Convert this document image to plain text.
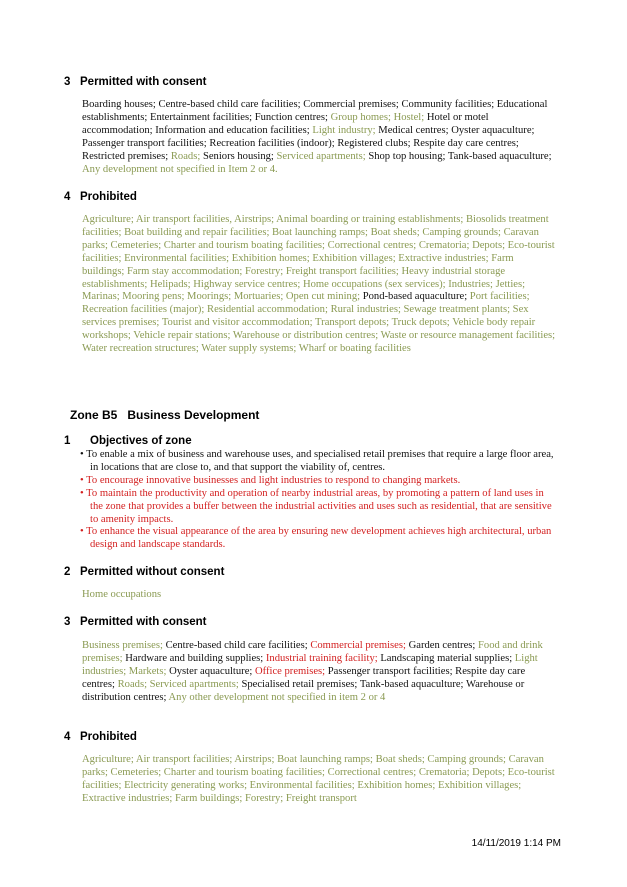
3 Permitted with consent

Boarding houses; Centre-based child care facilities; Commercial premises; Community facilities; Educational establishments; Entertainment facilities; Function centres; Group homes; Hostel; Hotel or motel accommodation; Information and education facilities; Light industry; Medical centres; Oyster aquaculture; Passenger transport facilities; Recreation facilities (indoor); Registered clubs; Respite day care centres; Restricted premises; Roads; Seniors housing; Serviced apartments; Shop top housing; Tank-based aquaculture; Any development not specified in Item 2 or 4.

4 Prohibited

Agriculture; Air transport facilities, Airstrips; Animal boarding or training establishments; Biosolids treatment facilities; Boat building and repair facilities; Boat launching ramps; Boat sheds; Camping grounds; Caravan parks; Cemeteries; Charter and tourism boating facilities; Correctional centres; Crematoria; Depots; Eco-tourist facilities; Environmental facilities; Exhibition homes; Exhibition villages; Extractive industries; Farm buildings; Farm stay accommodation; Forestry; Freight transport facilities; Heavy industrial storage establishments; Helipads; Highway service centres; Home occupations (sex services); Industries; Jetties; Marinas; Mooring pens; Moorings; Mortuaries; Open cut mining; Pond-based aquaculture; Port facilities; Recreation facilities (major); Residential accommodation; Rural industries; Sewage treatment plants; Sex services premises; Tourist and visitor accommodation; Transport depots; Truck depots; Vehicle body repair workshops; Vehicle repair stations; Warehouse or distribution centres; Waste or resource management facilities; Water recreation structures; Water supply systems; Wharf or boating facilities

Zone B5 Business Development
1 Objectives of zone
• To enable a mix of business and warehouse uses, and specialised retail premises that require a large floor area, in locations that are close to, and that support the viability of, centres.
• To encourage innovative businesses and light industries to respond to changing markets.
• To maintain the productivity and operation of nearby industrial areas, by promoting a pattern of land uses in the zone that provides a buffer between the industrial activities and uses such as residential, that are sensitive to amenity impacts.
• To enhance the visual appearance of the area by ensuring new development achieves high architectural, urban design and landscape standards.
2 Permitted without consent

Home occupations

3 Permitted with consent

Business premises; Centre-based child care facilities; Commercial premises; Garden centres; Food and drink premises; Hardware and building supplies; Industrial training facility; Landscaping material supplies; Light industries; Markets; Oyster aquaculture; Office premises; Passenger transport facilities; Respite day care centres; Roads; Serviced apartments; Specialised retail premises; Tank-based aquaculture; Warehouse or distribution centres; Any other development not specified in item 2 or 4

4 Prohibited

Agriculture; Air transport facilities; Airstrips; Boat launching ramps; Boat sheds; Camping grounds; Caravan parks; Cemeteries; Charter and tourism boating facilities; Correctional centres; Crematoria; Depots; Eco-tourist facilities; Electricity generating works; Environmental facilities; Exhibition homes; Exhibition villages; Extractive industries; Farm buildings; Forestry; Freight transport

14/11/2019 1:14 PM
